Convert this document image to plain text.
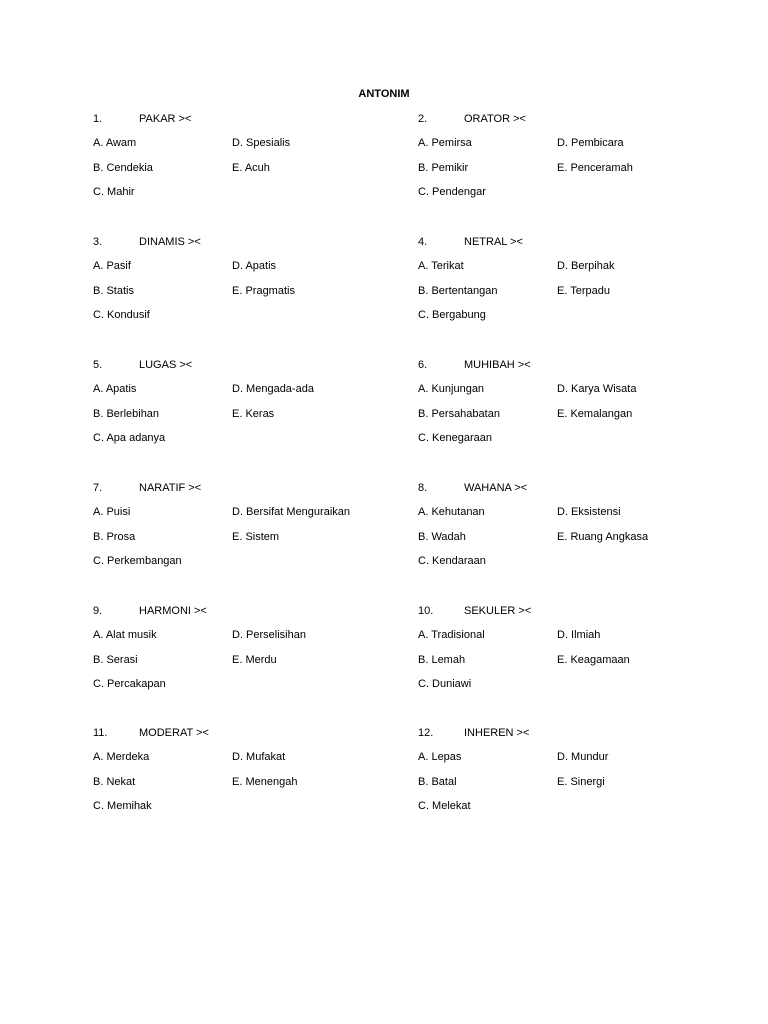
ANTONIM
1.	PAKAR ><
A. Awam
B. Cendekia
C. Mahir
D. Spesialis
E. Acuh
2.	ORATOR ><
A. Pemirsa
B. Pemikir
C. Pendengar
D. Pembicara
E. Penceramah
3.	DINAMIS ><
A. Pasif
B. Statis
C. Kondusif
D. Apatis
E. Pragmatis
4.	NETRAL ><
A. Terikat
B. Bertentangan
C. Bergabung
D. Berpihak
E. Terpadu
5.	LUGAS ><
A. Apatis
B. Berlebihan
C. Apa adanya
D. Mengada-ada
E. Keras
6.	MUHIBAH ><
A. Kunjungan
B. Persahabatan
C. Kenegaraan
D. Karya Wisata
E. Kemalangan
7.	NARATIF ><
A. Puisi
B. Prosa
C. Perkembangan
D. Bersifat Menguraikan
E. Sistem
8.	WAHANA ><
A. Kehutanan
B. Wadah
C. Kendaraan
D. Eksistensi
E. Ruang Angkasa
9.	HARMONI ><
A. Alat musik
B. Serasi
C. Percakapan
D. Perselisihan
E. Merdu
10.	SEKULER ><
A. Tradisional
B. Lemah
C. Duniawi
D. Ilmiah
E. Keagamaan
11.	MODERAT ><
A. Merdeka
B. Nekat
C. Memihak
D. Mufakat
E. Menengah
12.	INHEREN ><
A. Lepas
B. Batal
C. Melekat
D. Mundur
E. Sinergi
